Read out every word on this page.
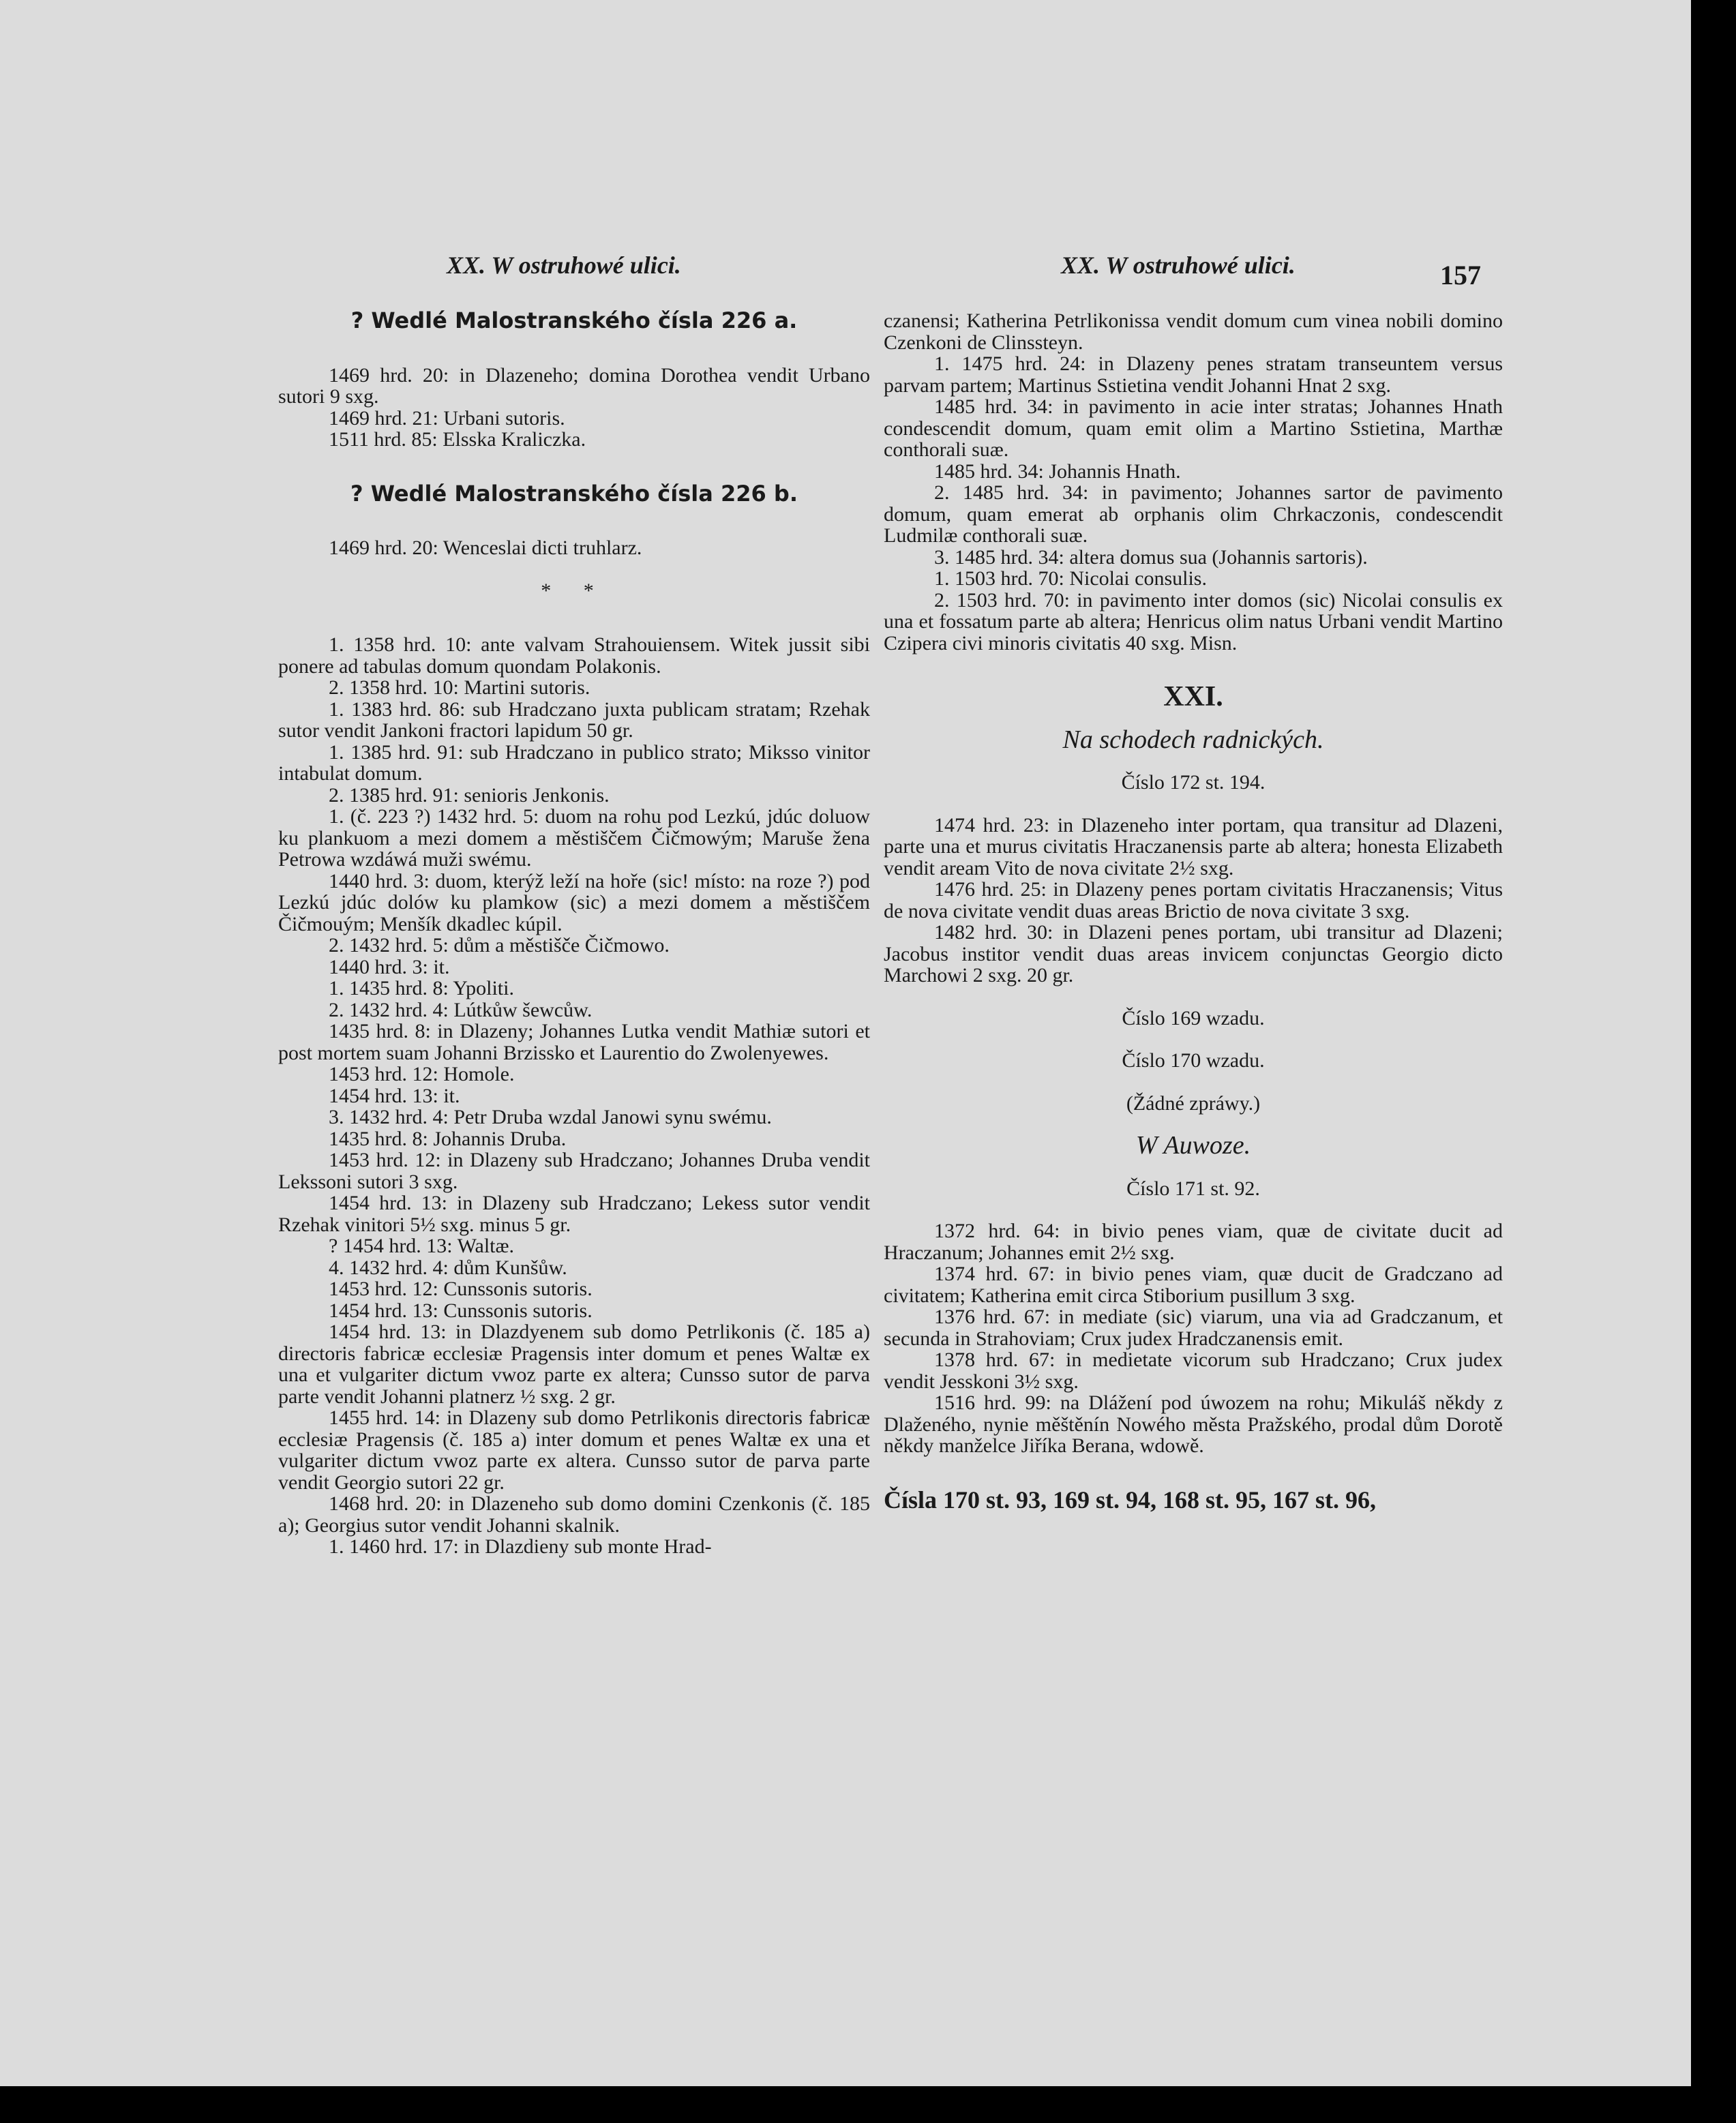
XX. W ostruhowé ulici.	XX. W ostruhowé ulici.	157

? Wedlé Malostranského čísla 226 a.

1469 hrd. 20: in Dlazeneho; domina Dorothea vendit Urbano sutori 9 sxg.

1469 hrd. 21: Urbani sutoris.

1511 hrd. 85: Elsska Kraliczka.

? Wedlé Malostranského čísla 226 b.

1469 hrd. 20: Wenceslai dicti truhlarz.

* *

1. 1358 hrd. 10: ante valvam Strahouiensem. Witek jussit sibi ponere ad tabulas domum quondam Polakonis.

2. 1358 hrd. 10: Martini sutoris.

1. 1383 hrd. 86: sub Hradczano juxta publicam stratam; Rzehak sutor vendit Jankoni fractori lapidum 50 gr.

1. 1385 hrd. 91: sub Hradczano in publico strato; Miksso vinitor intabulat domum.

2. 1385 hrd. 91: senioris Jenkonis.

1. (č. 223 ?) 1432 hrd. 5: duom na rohu pod Lezkú, jdúc doluow ku plankuom a mezi domem a městiščem Čičmowým; Maruše žena Petrowa wzdáwá muži swému.

1440 hrd. 3: duom, kterýž leží na hoře (sic! místo: na roze ?) pod Lezkú jdúc dolów ku plamkow (sic) a mezi domem a městiščem Čičmouým; Menšík dkadlec kúpil.

2. 1432 hrd. 5: dům a městišče Čičmowo.

1440 hrd. 3: it.

1. 1435 hrd. 8: Ypoliti.

2. 1432 hrd. 4: Lútkůw šewcůw.

1435 hrd. 8: in Dlazeny; Johannes Lutka vendit Mathiæ sutori et post mortem suam Johanni Brzissko et Laurentio do Zwolenyewes.

1453 hrd. 12: Homole.

1454 hrd. 13: it.

3. 1432 hrd. 4: Petr Druba wzdal Janowi synu swému.

1435 hrd. 8: Johannis Druba.

1453 hrd. 12: in Dlazeny sub Hradczano; Johannes Druba vendit Lekssoni sutori 3 sxg.

1454 hrd. 13: in Dlazeny sub Hradczano; Lekess sutor vendit Rzehak vinitori 5½ sxg. minus 5 gr.

? 1454 hrd. 13: Waltæ.

4. 1432 hrd. 4: dům Kunšůw.

1453 hrd. 12: Cunssonis sutoris.

1454 hrd. 13: Cunssonis sutoris.

1454 hrd. 13: in Dlazdyenem sub domo Petrlikonis (č. 185 a) directoris fabricæ ecclesiæ Pragensis inter domum et penes Waltæ ex una et vulgariter dictum vwoz parte ex altera; Cunsso sutor de parva parte vendit Johanni platnerz ½ sxg. 2 gr.

1455 hrd. 14: in Dlazeny sub domo Petrlikonis directoris fabricæ ecclesiæ Pragensis (č. 185 a) inter domum et penes Waltæ ex una et vulgariter dictum vwoz parte ex altera. Cunsso sutor de parva parte vendit Georgio sutori 22 gr.

1468 hrd. 20: in Dlazeneho sub domo domini Czenkonis (č. 185 a); Georgius sutor vendit Johanni skalnik.

1. 1460 hrd. 17: in Dlazdieny sub monte Hrad-

czanensi; Katherina Petrlikonissa vendit domum cum vinea nobili domino Czenkoni de Clinssteyn.

1. 1475 hrd. 24: in Dlazeny penes stratam transeuntem versus parvam partem; Martinus Sstietina vendit Johanni Hnat 2 sxg.

1485 hrd. 34: in pavimento in acie inter stratas; Johannes Hnath condescendit domum, quam emit olim a Martino Sstietina, Marthæ conthorali suæ.

1485 hrd. 34: Johannis Hnath.

2. 1485 hrd. 34: in pavimento; Johannes sartor de pavimento domum, quam emerat ab orphanis olim Chrkaczonis, condescendit Ludmilæ conthorali suæ.

3. 1485 hrd. 34: altera domus sua (Johannis sartoris).

1. 1503 hrd. 70: Nicolai consulis.

2. 1503 hrd. 70: in pavimento inter domos (sic) Nicolai consulis ex una et fossatum parte ab altera; Henricus olim natus Urbani vendit Martino Czipera civi minoris civitatis 40 sxg. Misn.

XXI.

Na schodech radnických.

Číslo 172 st. 194.

1474 hrd. 23: in Dlazeneho inter portam, qua transitur ad Dlazeni, parte una et murus civitatis Hraczanensis parte ab altera; honesta Elizabeth vendit aream Vito de nova civitate 2½ sxg.

1476 hrd. 25: in Dlazeny penes portam civitatis Hraczanensis; Vitus de nova civitate vendit duas areas Brictio de nova civitate 3 sxg.

1482 hrd. 30: in Dlazeni penes portam, ubi transitur ad Dlazeni; Jacobus institor vendit duas areas invicem conjunctas Georgio dicto Marchowi 2 sxg. 20 gr.

Číslo 169 wzadu.

Číslo 170 wzadu.

(Žádné zpráwy.)

W Auwoze.

Číslo 171 st. 92.

1372 hrd. 64: in bivio penes viam, quæ de civitate ducit ad Hraczanum; Johannes emit 2½ sxg.

1374 hrd. 67: in bivio penes viam, quæ ducit de Gradczano ad civitatem; Katherina emit circa Stiborium pusillum 3 sxg.

1376 hrd. 67: in mediate (sic) viarum, una via ad Gradczanum, et secunda in Strahoviam; Crux judex Hradczanensis emit.

1378 hrd. 67: in medietate vicorum sub Hradczano; Crux judex vendit Jesskoni 3½ sxg.

1516 hrd. 99: na Dlážení pod úwozem na rohu; Mikuláš někdy z Dlaženého, nynie měštěnín Nowého města Pražského, prodal dům Dorotě někdy manželce Jiříka Berana, wdowě.

Čísla 170 st. 93, 169 st. 94, 168 st. 95, 167 st. 96,
